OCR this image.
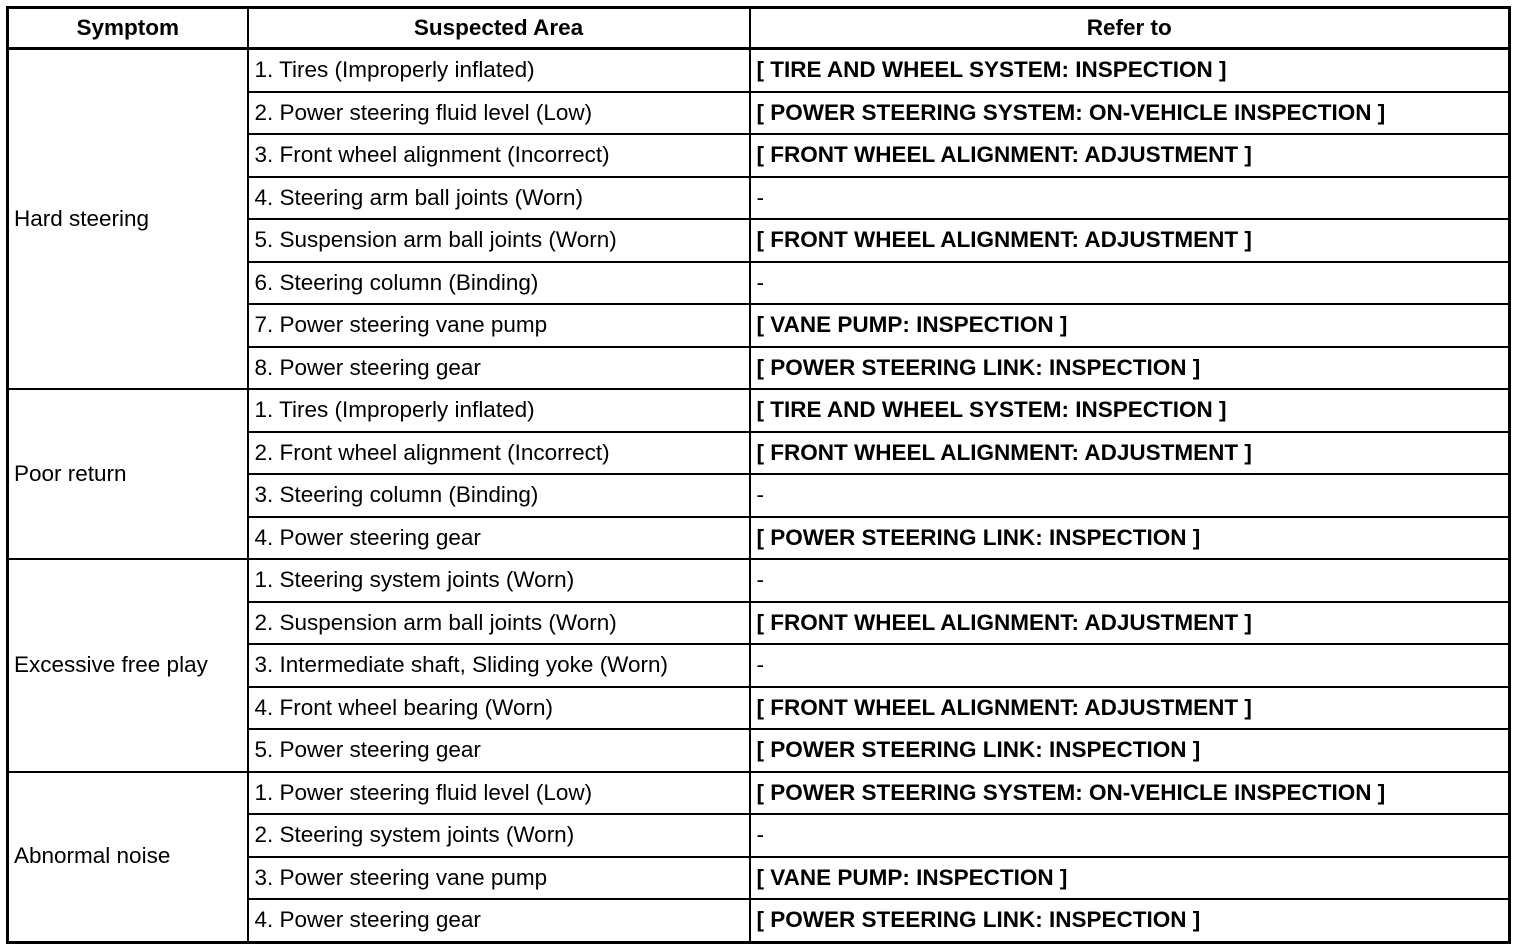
Symptom	Suspected Area	Refer to
Hard steering	1. Tires (Improperly inflated)	[ TIRE AND WHEEL SYSTEM: INSPECTION ]
	2. Power steering fluid level (Low)	[ POWER STEERING SYSTEM: ON-VEHICLE INSPECTION ]
	3. Front wheel alignment (Incorrect)	[ FRONT WHEEL ALIGNMENT: ADJUSTMENT ]
	4. Steering arm ball joints (Worn)	-
	5. Suspension arm ball joints (Worn)	[ FRONT WHEEL ALIGNMENT: ADJUSTMENT ]
	6. Steering column (Binding)	-
	7. Power steering vane pump	[ VANE PUMP: INSPECTION ]
	8. Power steering gear	[ POWER STEERING LINK: INSPECTION ]
Poor return	1. Tires (Improperly inflated)	[ TIRE AND WHEEL SYSTEM: INSPECTION ]
	2. Front wheel alignment (Incorrect)	[ FRONT WHEEL ALIGNMENT: ADJUSTMENT ]
	3. Steering column (Binding)	-
	4. Power steering gear	[ POWER STEERING LINK: INSPECTION ]
Excessive free play	1. Steering system joints (Worn)	-
	2. Suspension arm ball joints (Worn)	[ FRONT WHEEL ALIGNMENT: ADJUSTMENT ]
	3. Intermediate shaft, Sliding yoke (Worn)	-
	4. Front wheel bearing (Worn)	[ FRONT WHEEL ALIGNMENT: ADJUSTMENT ]
	5. Power steering gear	[ POWER STEERING LINK: INSPECTION ]
Abnormal noise	1. Power steering fluid level (Low)	[ POWER STEERING SYSTEM: ON-VEHICLE INSPECTION ]
	2. Steering system joints (Worn)	-
	3. Power steering vane pump	[ VANE PUMP: INSPECTION ]
	4. Power steering gear	[ POWER STEERING LINK: INSPECTION ]
